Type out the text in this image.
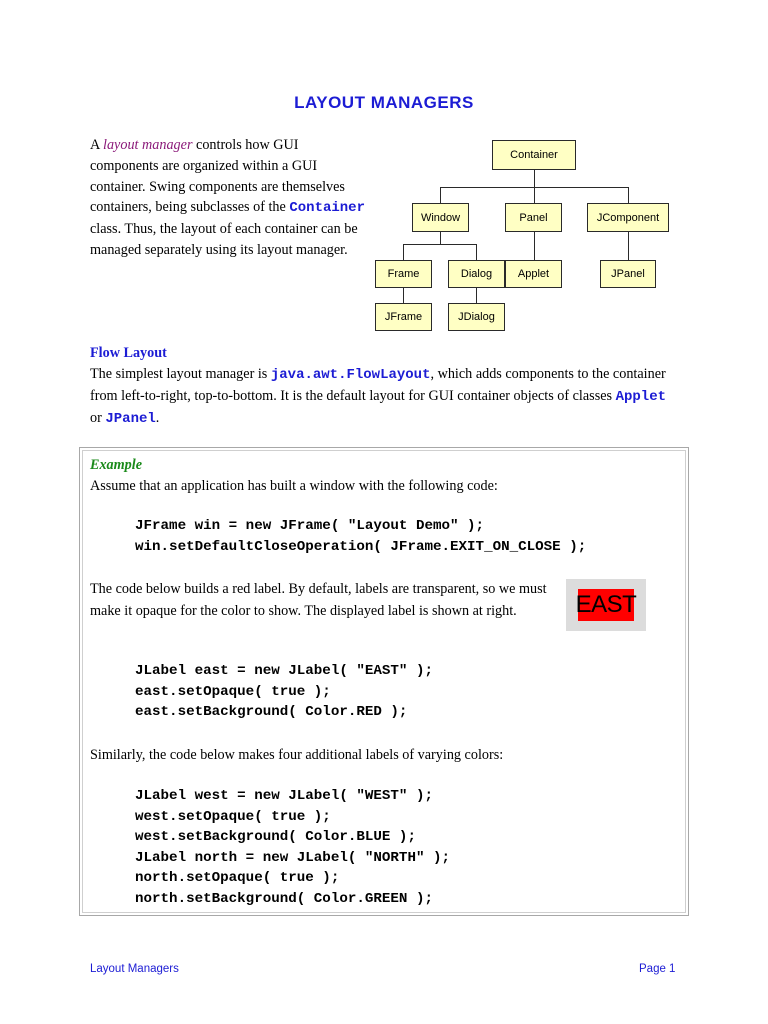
LAYOUT MANAGERS
A layout manager controls how GUI components are organized within a GUI container. Swing components are themselves containers, being subclasses of the Container class. Thus, the layout of each container can be managed separately using its layout manager.
Container
Window	Panel	JComponent
Frame	Dialog	Applet	JPanel
JFrame	JDialog
Flow Layout
The simplest layout manager is java.awt.FlowLayout, which adds components to the container from left-to-right, top-to-bottom. It is the default layout for GUI container objects of classes Applet or JPanel.
Example
Assume that an application has built a window with the following code:
JFrame win = new JFrame( "Layout Demo" );
win.setDefaultCloseOperation( JFrame.EXIT_ON_CLOSE );
The code below builds a red label. By default, labels are transparent, so we must make it opaque for the color to show. The displayed label is shown at right.	EAST
JLabel east = new JLabel( "EAST" );
east.setOpaque( true );
east.setBackground( Color.RED );
Similarly, the code below makes four additional labels of varying colors:
JLabel west = new JLabel( "WEST" );
west.setOpaque( true );
west.setBackground( Color.BLUE );
JLabel north = new JLabel( "NORTH" );
north.setOpaque( true );
north.setBackground( Color.GREEN );
Layout Managers	Page 1
